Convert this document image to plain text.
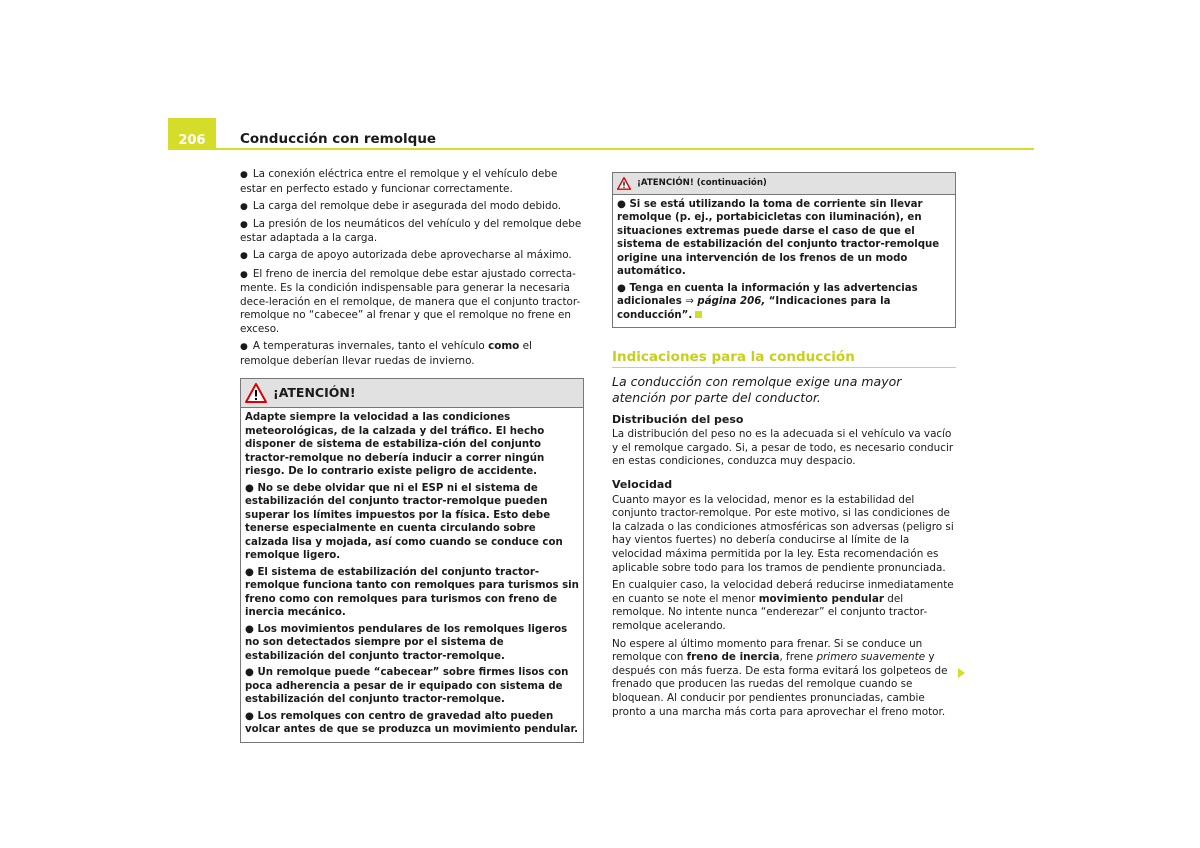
206	Conducción con remolque

● La conexión eléctrica entre el remolque y el vehículo debe estar en perfecto estado y funcionar correctamente.

● La carga del remolque debe ir asegurada del modo debido.

● La presión de los neumáticos del vehículo y del remolque debe estar adaptada a la carga.

● La carga de apoyo autorizada debe aprovecharse al máximo.

● El freno de inercia del remolque debe estar ajustado correcta-mente. Es la condición indispensable para generar la necesaria dece-leración en el remolque, de manera que el conjunto tractor-remolque no “cabecee” al frenar y que el remolque no frene en exceso.

● A temperaturas invernales, tanto el vehículo como el remolque deberían llevar ruedas de invierno.

¡ATENCIÓN!

Adapte siempre la velocidad a las condiciones meteorológicas, de la calzada y del tráfico. El hecho disponer de sistema de estabiliza-ción del conjunto tractor-remolque no debería inducir a correr ningún riesgo. De lo contrario existe peligro de accidente.

● No se debe olvidar que ni el ESP ni el sistema de estabilización del conjunto tractor-remolque pueden superar los límites impuestos por la física. Esto debe tenerse especialmente en cuenta circulando sobre calzada lisa y mojada, así como cuando se conduce con remolque ligero.

● El sistema de estabilización del conjunto tractor-remolque funciona tanto con remolques para turismos sin freno como con remolques para turismos con freno de inercia mecánico.

● Los movimientos pendulares de los remolques ligeros no son detectados siempre por el sistema de estabilización del conjunto tractor-remolque.

● Un remolque puede “cabecear” sobre firmes lisos con poca adherencia a pesar de ir equipado con sistema de estabilización del conjunto tractor-remolque.

● Los remolques con centro de gravedad alto pueden volcar antes de que se produzca un movimiento pendular.

¡ATENCIÓN! (continuación)

● Si se está utilizando la toma de corriente sin llevar remolque (p. ej., portabicicletas con iluminación), en situaciones extremas puede darse el caso de que el sistema de estabilización del conjunto tractor-remolque origine una intervención de los frenos de un modo automático.

● Tenga en cuenta la información y las advertencias adicionales ⇒ página 206, “Indicaciones para la conducción”.

Indicaciones para la conducción
La conducción con remolque exige una mayor atención por parte del conductor.
Distribución del peso

La distribución del peso no es la adecuada si el vehículo va vacío y el remolque cargado. Si, a pesar de todo, es necesario conducir en estas condiciones, conduzca muy despacio.

Velocidad

Cuanto mayor es la velocidad, menor es la estabilidad del conjunto tractor-remolque. Por este motivo, si las condiciones de la calzada o las condiciones atmosféricas son adversas (peligro si hay vientos fuertes) no debería conducirse al límite de la velocidad máxima permitida por la ley. Esta recomendación es aplicable sobre todo para los tramos de pendiente pronunciada.

En cualquier caso, la velocidad deberá reducirse inmediatamente en cuanto se note el menor movimiento pendular del remolque. No intente nunca “enderezar” el conjunto tractor-remolque acelerando.

No espere al último momento para frenar. Si se conduce un remolque con freno de inercia, frene primero suavemente y después con más fuerza. De esta forma evitará los golpeteos de frenado que producen las ruedas del remolque cuando se bloquean. Al conducir por pendientes pronunciadas, cambie pronto a una marcha más corta para aprovechar el freno motor.
